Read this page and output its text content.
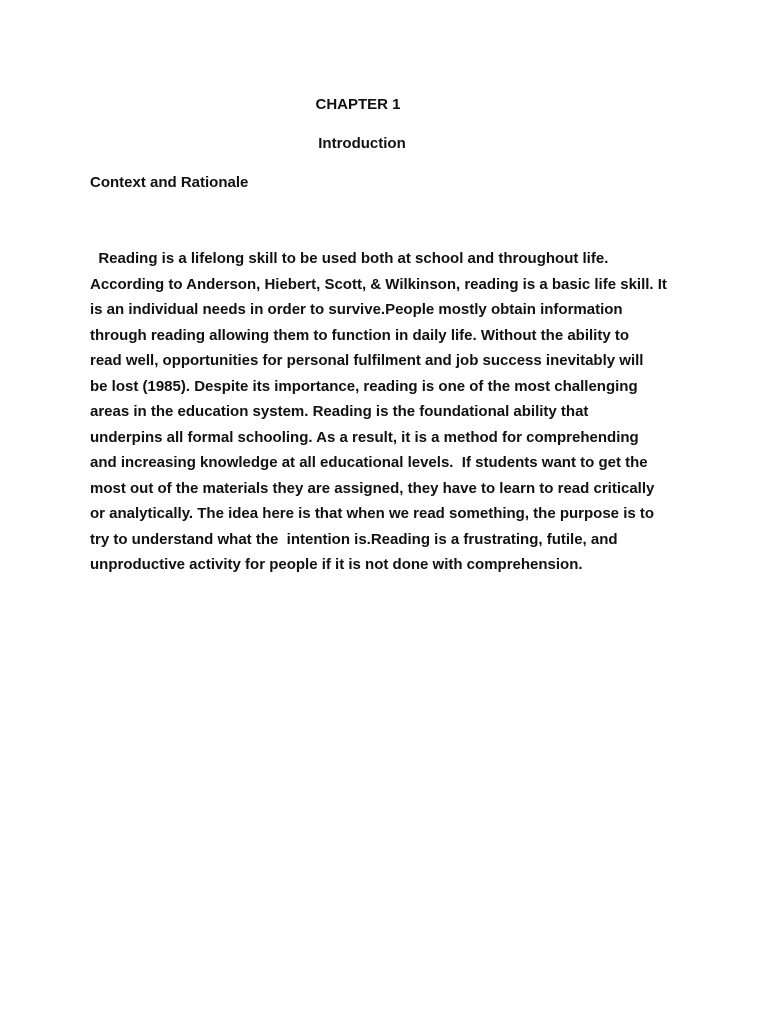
CHAPTER 1
Introduction
Context and Rationale
Reading is a lifelong skill to be used both at school and throughout life.
According to Anderson, Hiebert, Scott, & Wilkinson, reading is a basic life skill. It
is an individual needs in order to survive.People mostly obtain information
through reading allowing them to function in daily life. Without the ability to
read well, opportunities for personal fulfilment and job success inevitably will
be lost (1985). Despite its importance, reading is one of the most challenging
areas in the education system. Reading is the foundational ability that
underpins all formal schooling. As a result, it is a method for comprehending
and increasing knowledge at all educational levels.  If students want to get the
most out of the materials they are assigned, they have to learn to read critically
or analytically. The idea here is that when we read something, the purpose is to
try to understand what the  intention is.Reading is a frustrating, futile, and
unproductive activity for people if it is not done with comprehension.
